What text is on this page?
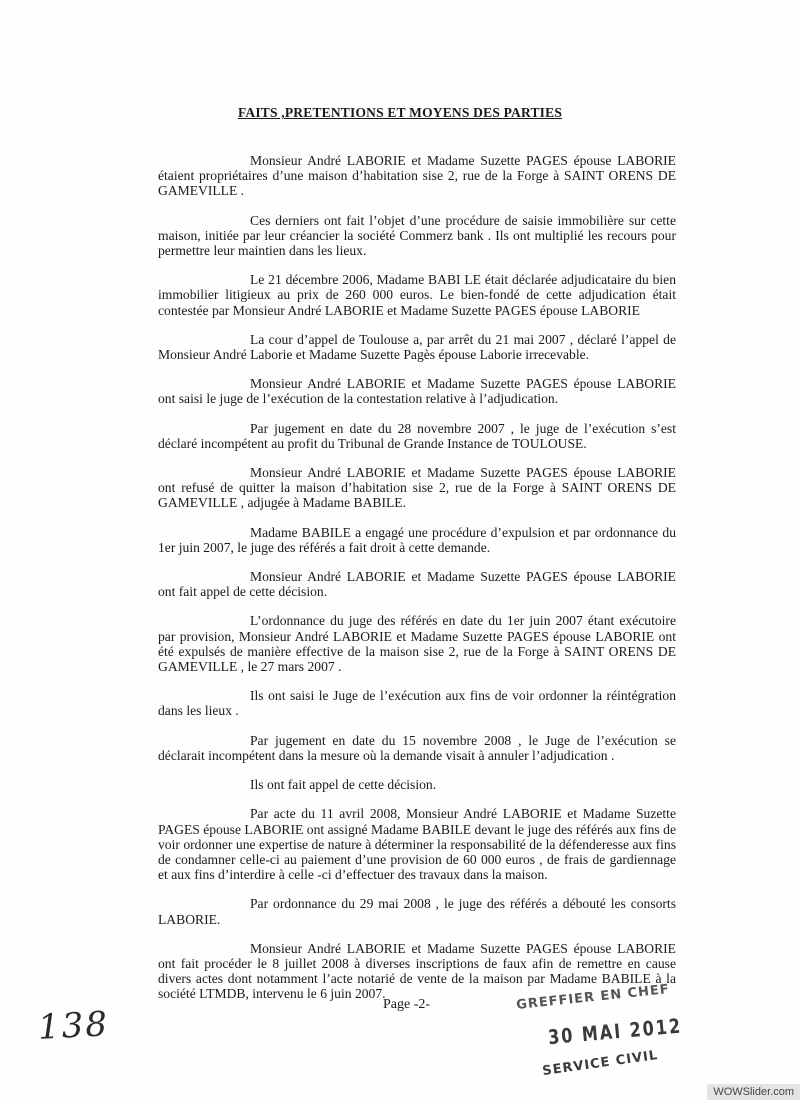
FAITS ,PRETENTIONS ET MOYENS DES PARTIES

Monsieur André LABORIE et Madame Suzette PAGES épouse LABORIE étaient propriétaires d’une maison d’habitation sise 2, rue de la Forge à SAINT ORENS DE GAMEVILLE .

Ces derniers ont fait l’objet d’une procédure de saisie immobilière sur cette maison, initiée par leur créancier la société Commerz bank . Ils ont multiplié les recours pour permettre leur maintien dans les lieux.

Le 21 décembre 2006, Madame BABI LE était déclarée adjudicataire du bien immobilier litigieux au prix de 260 000 euros. Le bien-fondé de cette adjudication était contestée par Monsieur André LABORIE et Madame Suzette PAGES épouse LABORIE

La cour d’appel de Toulouse a, par arrêt du 21 mai 2007 , déclaré l’appel de Monsieur André Laborie et Madame Suzette Pagès épouse Laborie irrecevable.

Monsieur André LABORIE et Madame Suzette PAGES épouse LABORIE ont saisi le juge de l’exécution de la contestation relative à l’adjudication.

Par jugement en date du 28 novembre 2007 , le juge de l’exécution s’est déclaré incompétent au profit du Tribunal de Grande Instance de TOULOUSE.

Monsieur André LABORIE et Madame Suzette PAGES épouse LABORIE ont refusé de quitter la maison d’habitation sise 2, rue de la Forge à SAINT ORENS DE GAMEVILLE , adjugée à Madame BABILE.

Madame BABILE a engagé une procédure d’expulsion et par ordonnance du 1er juin 2007, le juge des référés a fait droit à cette demande.

Monsieur André LABORIE et Madame Suzette PAGES épouse LABORIE ont fait appel de cette décision.

L’ordonnance du juge des référés en date du 1er juin 2007 étant exécutoire par provision, Monsieur André LABORIE et Madame Suzette PAGES épouse LABORIE ont été expulsés de manière effective de la maison sise 2, rue de la Forge à SAINT ORENS DE GAMEVILLE , le 27 mars 2007 .

Ils ont saisi le Juge de l’exécution aux fins de voir ordonner la réintégration dans les lieux .

Par jugement en date du 15 novembre 2008 , le Juge de l’exécution se déclarait incompétent dans la mesure où la demande visait à annuler l’adjudication .

Ils ont fait appel de cette décision.

Par acte du 11 avril 2008, Monsieur André LABORIE et Madame Suzette PAGES épouse LABORIE ont assigné Madame BABILE devant le juge des référés aux fins de voir ordonner une expertise de nature à déterminer la responsabilité de la défenderesse aux fins de condamner celle-ci au paiement d’une provision de 60 000 euros , de frais de gardiennage et aux fins d’interdire à celle -ci d’effectuer des travaux dans la maison.

Par ordonnance du 29 mai 2008 , le juge des référés a débouté les consorts LABORIE.

Monsieur André LABORIE et Madame Suzette PAGES épouse LABORIE ont fait procéder le 8 juillet 2008 à diverses inscriptions de faux afin de remettre en cause divers actes dont notamment l’acte notarié de vente de la maison par Madame BABILE à la société LTMDB, intervenu le 6 juin 2007.

Page -2-
138
GREFFIER EN CHEF
30 MAI 2012
SERVICE CIVIL
WOWSlider.com
